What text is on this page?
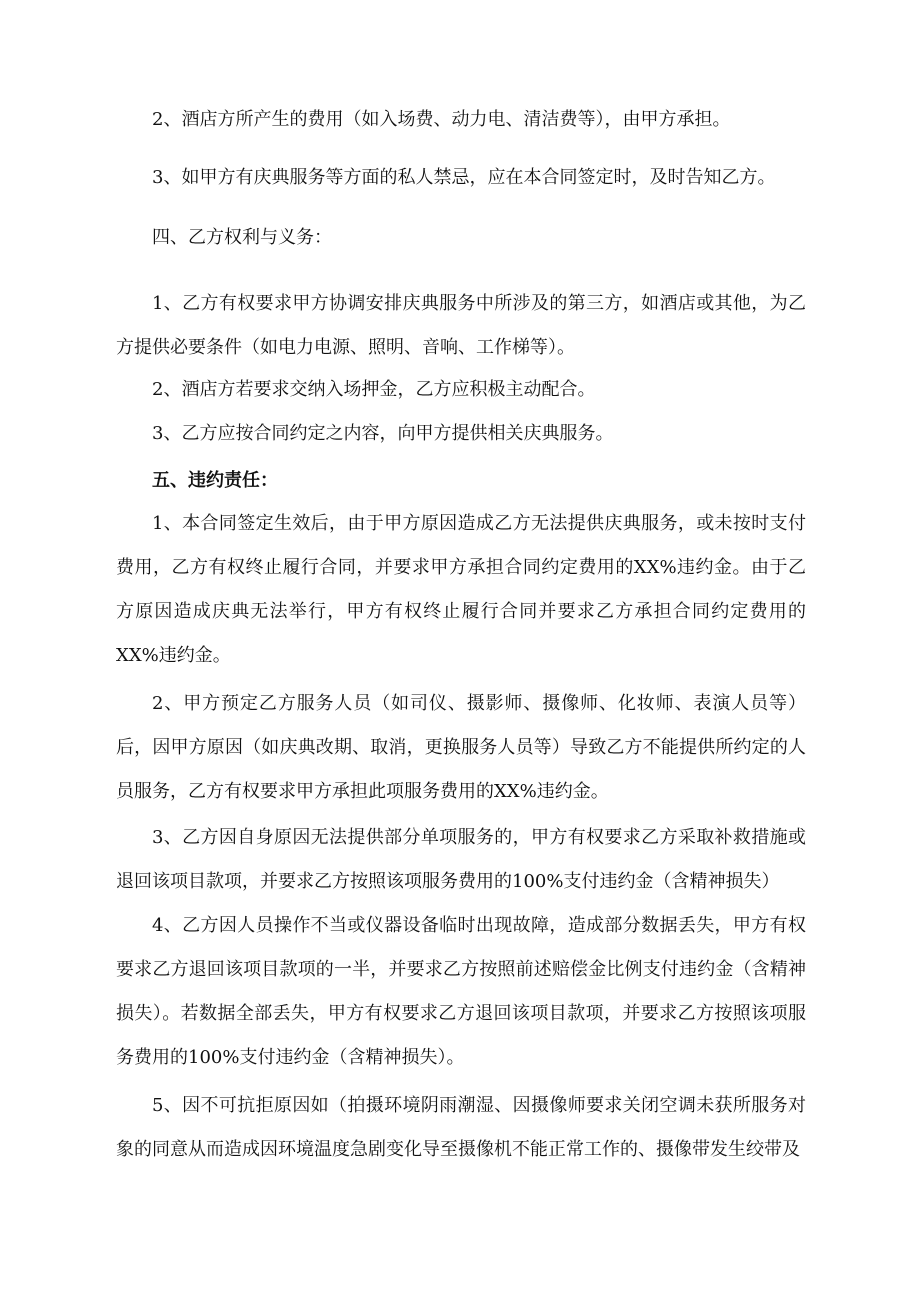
2、酒店方所产生的费用（如入场费、动力电、清洁费等），由甲方承担。

3、如甲方有庆典服务等方面的私人禁忌，应在本合同签定时，及时告知乙方。

四、乙方权利与义务：

1、乙方有权要求甲方协调安排庆典服务中所涉及的第三方，如酒店或其他，为乙方提供必要条件（如电力电源、照明、音响、工作梯等）。

2、酒店方若要求交纳入场押金，乙方应积极主动配合。

3、乙方应按合同约定之内容，向甲方提供相关庆典服务。

五、违约责任：

1、本合同签定生效后，由于甲方原因造成乙方无法提供庆典服务，或未按时支付费用，乙方有权终止履行合同，并要求甲方承担合同约定费用的XX%违约金。由于乙方原因造成庆典无法举行，甲方有权终止履行合同并要求乙方承担合同约定费用的XX%违约金。

2、甲方预定乙方服务人员（如司仪、摄影师、摄像师、化妆师、表演人员等）后，因甲方原因（如庆典改期、取消，更换服务人员等）导致乙方不能提供所约定的人员服务，乙方有权要求甲方承担此项服务费用的XX%违约金。

3、乙方因自身原因无法提供部分单项服务的，甲方有权要求乙方采取补救措施或退回该项目款项，并要求乙方按照该项服务费用的100%支付违约金（含精神损失）

4、乙方因人员操作不当或仪器设备临时出现故障，造成部分数据丢失，甲方有权要求乙方退回该项目款项的一半，并要求乙方按照前述赔偿金比例支付违约金（含精神损失）。若数据全部丢失，甲方有权要求乙方退回该项目款项，并要求乙方按照该项服务费用的100%支付违约金（含精神损失）。

5、因不可抗拒原因如（拍摄环境阴雨潮湿、因摄像师要求关闭空调未获所服务对象的同意从而造成因环境温度急剧变化导至摄像机不能正常工作的、摄像带发生绞带及
